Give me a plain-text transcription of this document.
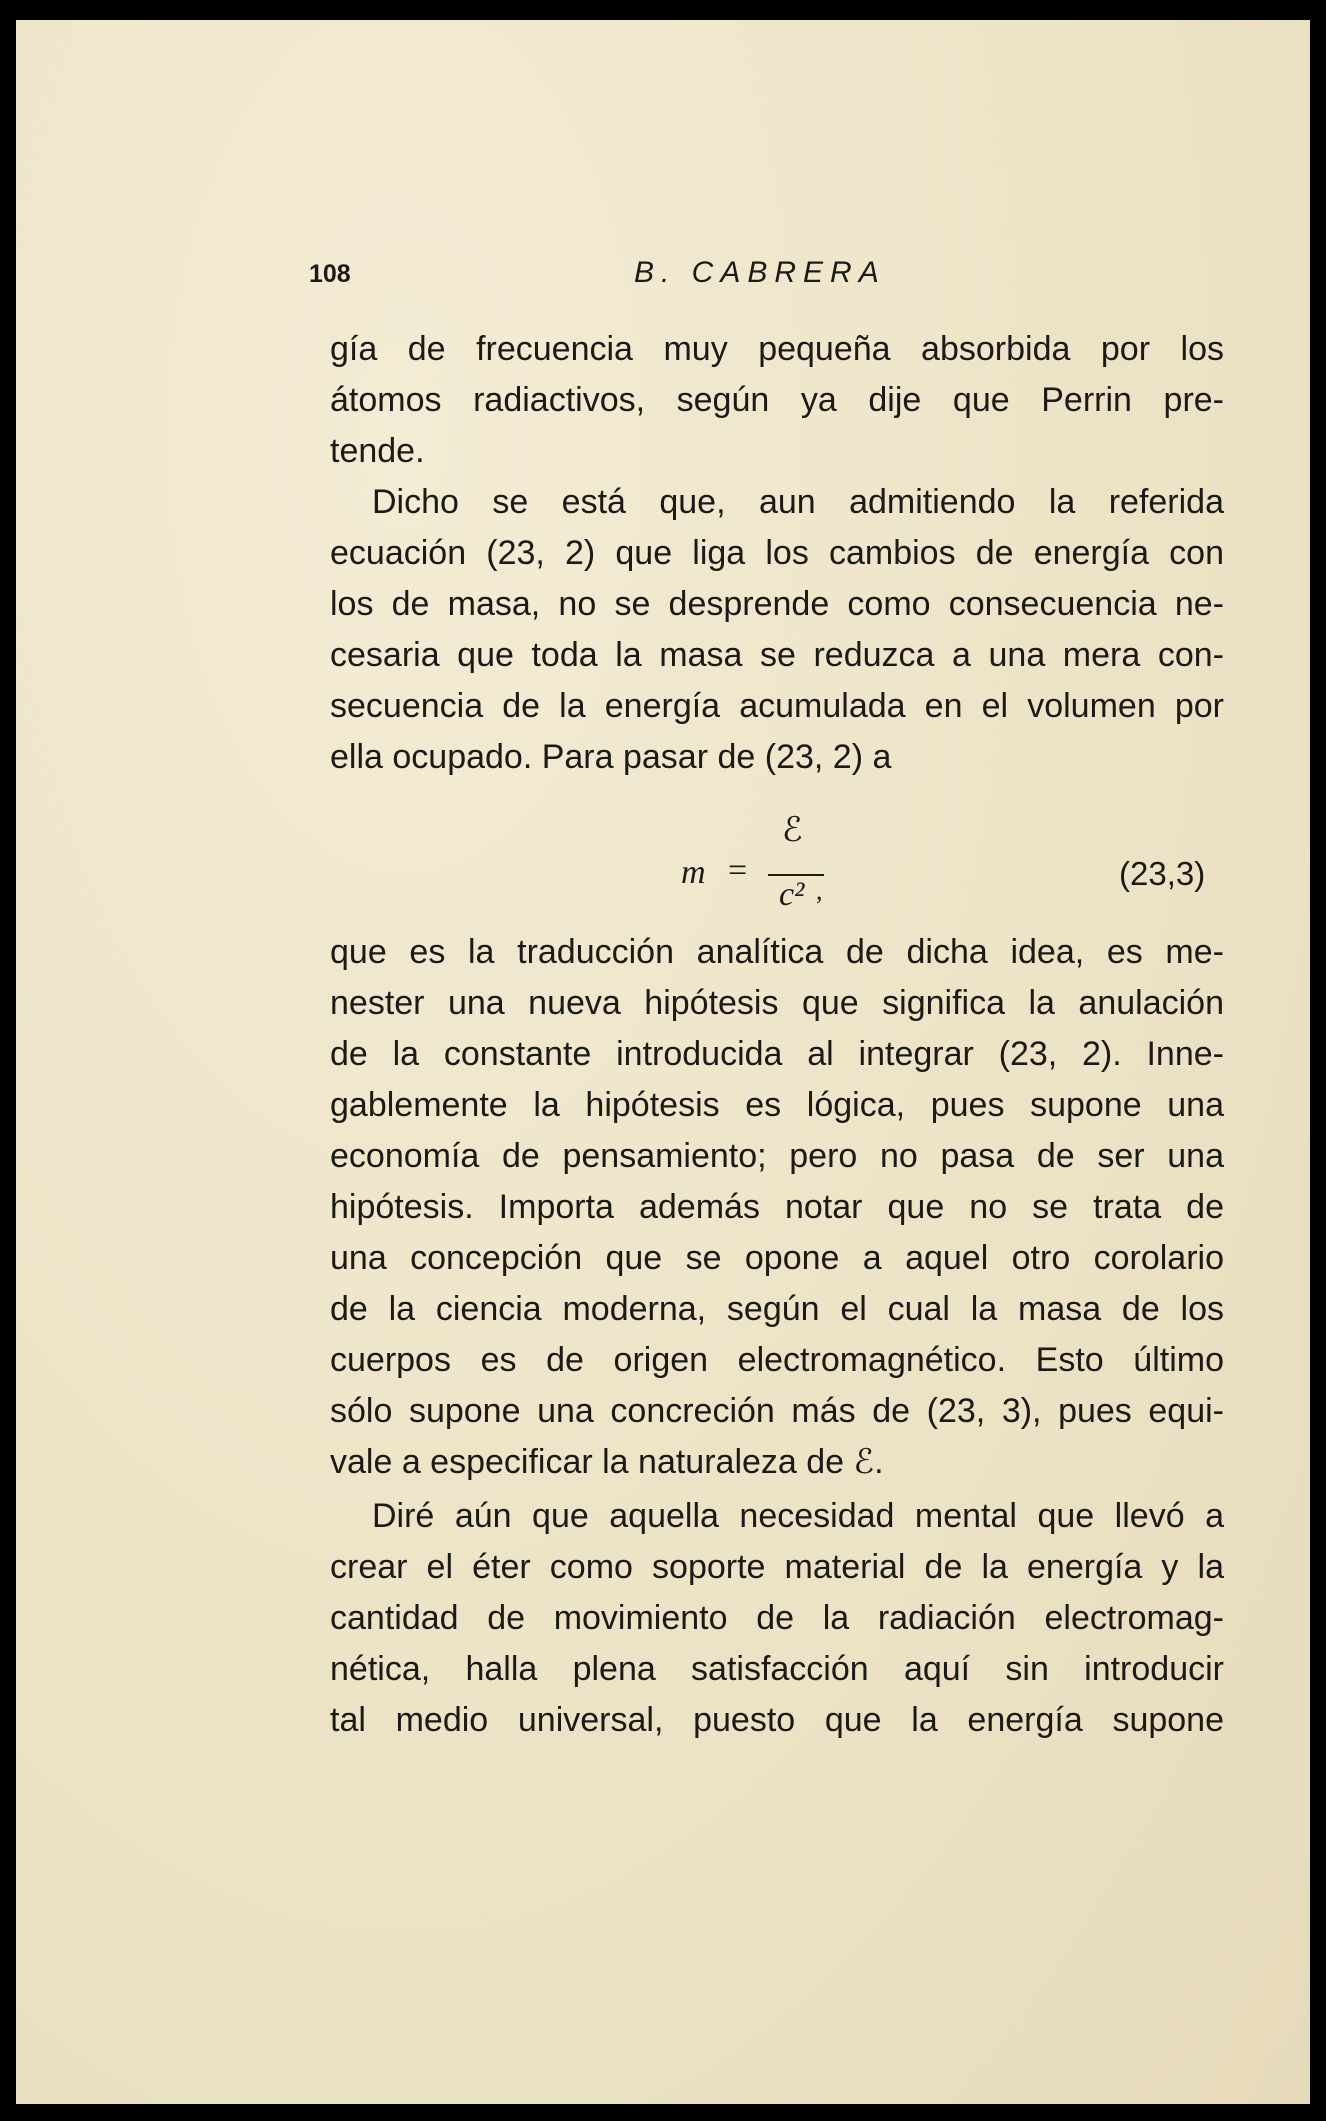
108	B. CABRERA
gía de frecuencia muy pequeña absorbida por los
átomos radiactivos, según ya dije que Perrin pre-
tende.
Dicho se está que, aun admitiendo la referida
ecuación (23, 2) que liga los cambios de energía con
los de masa, no se desprende como consecuencia ne-
cesaria que toda la masa se reduzca a una mera con-
secuencia de la energía acumulada en el volumen por
ella ocupado. Para pasar de (23, 2) a
m =
ℰ
c² ,	(23,3)
que es la traducción analítica de dicha idea, es me-
nester una nueva hipótesis que significa la anulación
de la constante introducida al integrar (23, 2). Inne-
gablemente la hipótesis es lógica, pues supone una
economía de pensamiento; pero no pasa de ser una
hipótesis. Importa además notar que no se trata de
una concepción que se opone a aquel otro corolario
de la ciencia moderna, según el cual la masa de los
cuerpos es de origen electromagnético. Esto último
sólo supone una concreción más de (23, 3), pues equi-
vale a especificar la naturaleza de ℰ.
Diré aún que aquella necesidad mental que llevó a
crear el éter como soporte material de la energía y la
cantidad de movimiento de la radiación electromag-
nética, halla plena satisfacción aquí sin introducir
tal medio universal, puesto que la energía supone
